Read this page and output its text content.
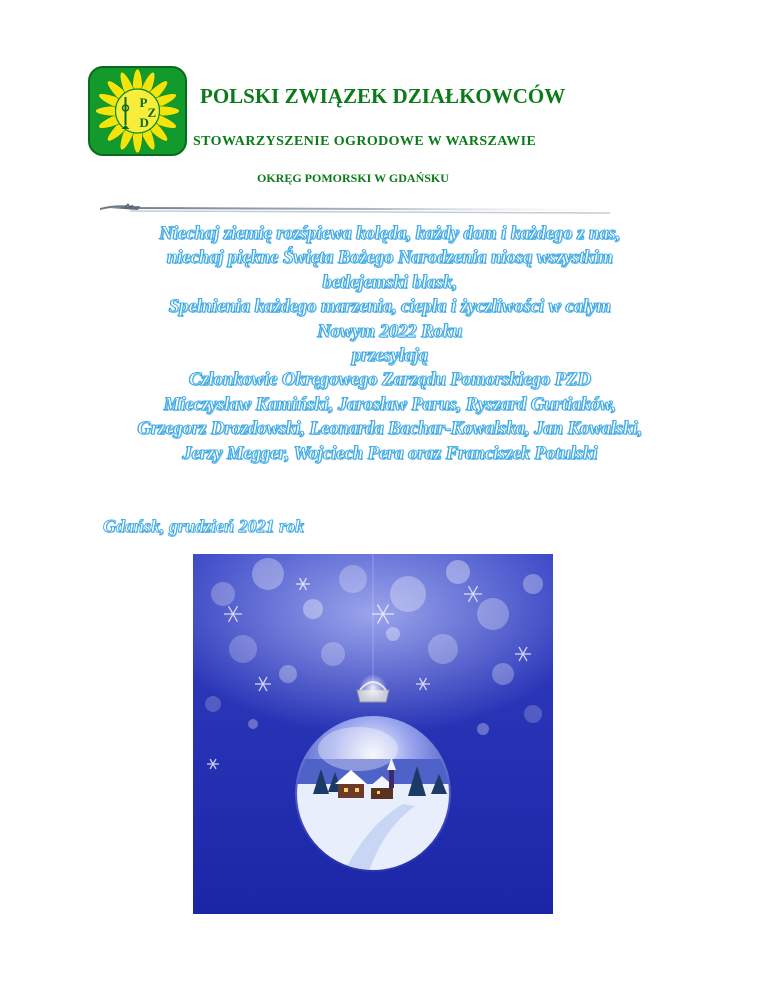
P
Z
D
POLSKI ZWIĄZEK DZIAŁKOWCÓW
STOWARZYSZENIE OGRODOWE W WARSZAWIE
OKRĘG POMORSKI W GDAŃSKU
Niechaj ziemię rozśpiewa kolęda, każdy dom i każdego z nas,
niechaj piękne Święta Bożego Narodzenia niosą wszystkim
betlejemski blask,
Spełnienia każdego marzenia, ciepła i życzliwości w całym
Nowym 2022 Roku
przesyłają
Członkowie Okręgowego Zarządu Pomorskiego PZD
Mieczysław Kamiński, Jarosław Parus, Ryszard Gurtiaków,
Grzegorz Drozdowski, Leonarda Bachar-Kowalska, Jan Kowalski,
Jerzy Megger, Wojciech Pera oraz Franciszek Potulski
Gdańsk, grudzień 2021 rok
